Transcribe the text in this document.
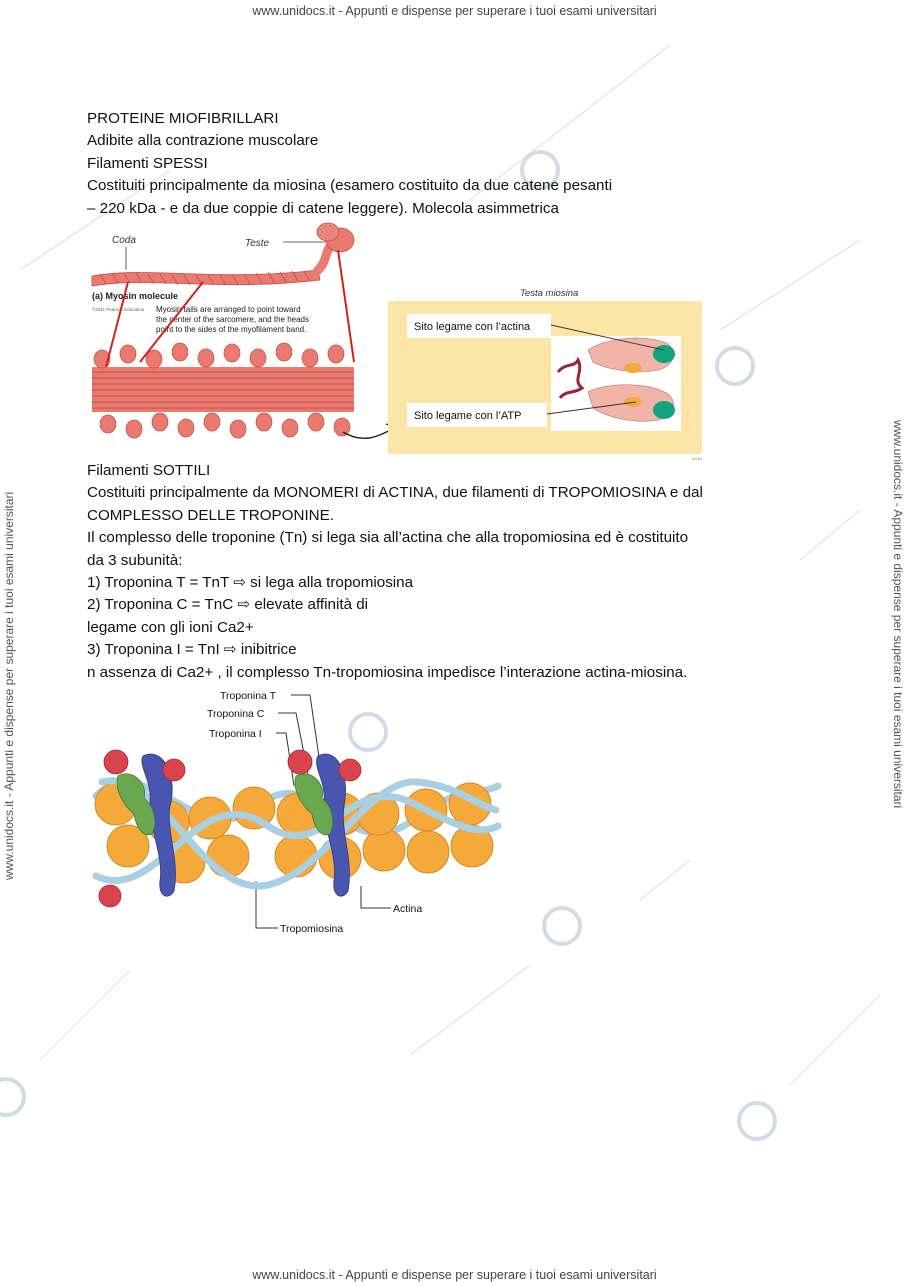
www.unidocs.it - Appunti e dispense per superare i tuoi esami universitari
www.unidocs.it - Appunti e dispense per superare i tuoi esami universitari
www.unidocs.it - Appunti e dispense per superare i tuoi esami universitari	www.unidocs.it - Appunti e dispense per superare i tuoi esami universitari

PROTEINE MIOFIBRILLARI

Adibite alla contrazione muscolare

Filamenti SPESSI

Costituiti principalmente da miosina (esamero costituito da due catene pesanti

– 220 kDa - e da due coppie di catene leggere). Molecola asimmetrica

Coda	Teste
(a) Myosin molecule
©2011 Pearson Education Myosin tails are arranged to point toward
the center of the sarcomere, and the heads
point to the sides of the myofilament band.
Testa miosina
Sito legame con l’actina
Sito legame con l’ATP
A3.8J

Filamenti SOTTILI

Costituiti principalmente da MONOMERI di ACTINA, due filamenti di TROPOMIOSINA e dal

COMPLESSO DELLE TROPONINE.

Il complesso delle troponine (Tn) si lega sia all’actina che alla tropomiosina ed è costituito

da 3 subunità:

1) Troponina T = TnT ⇨ si lega alla tropomiosina

2) Troponina C = TnC ⇨ elevate affinità di

legame con gli ioni Ca2+

3) Troponina I = TnI ⇨ inibitrice

n assenza di Ca2+ , il complesso Tn-tropomiosina impedisce l’interazione actina-miosina.

Troponina T
Troponina C
Troponina I
Actina
Tropomiosina
